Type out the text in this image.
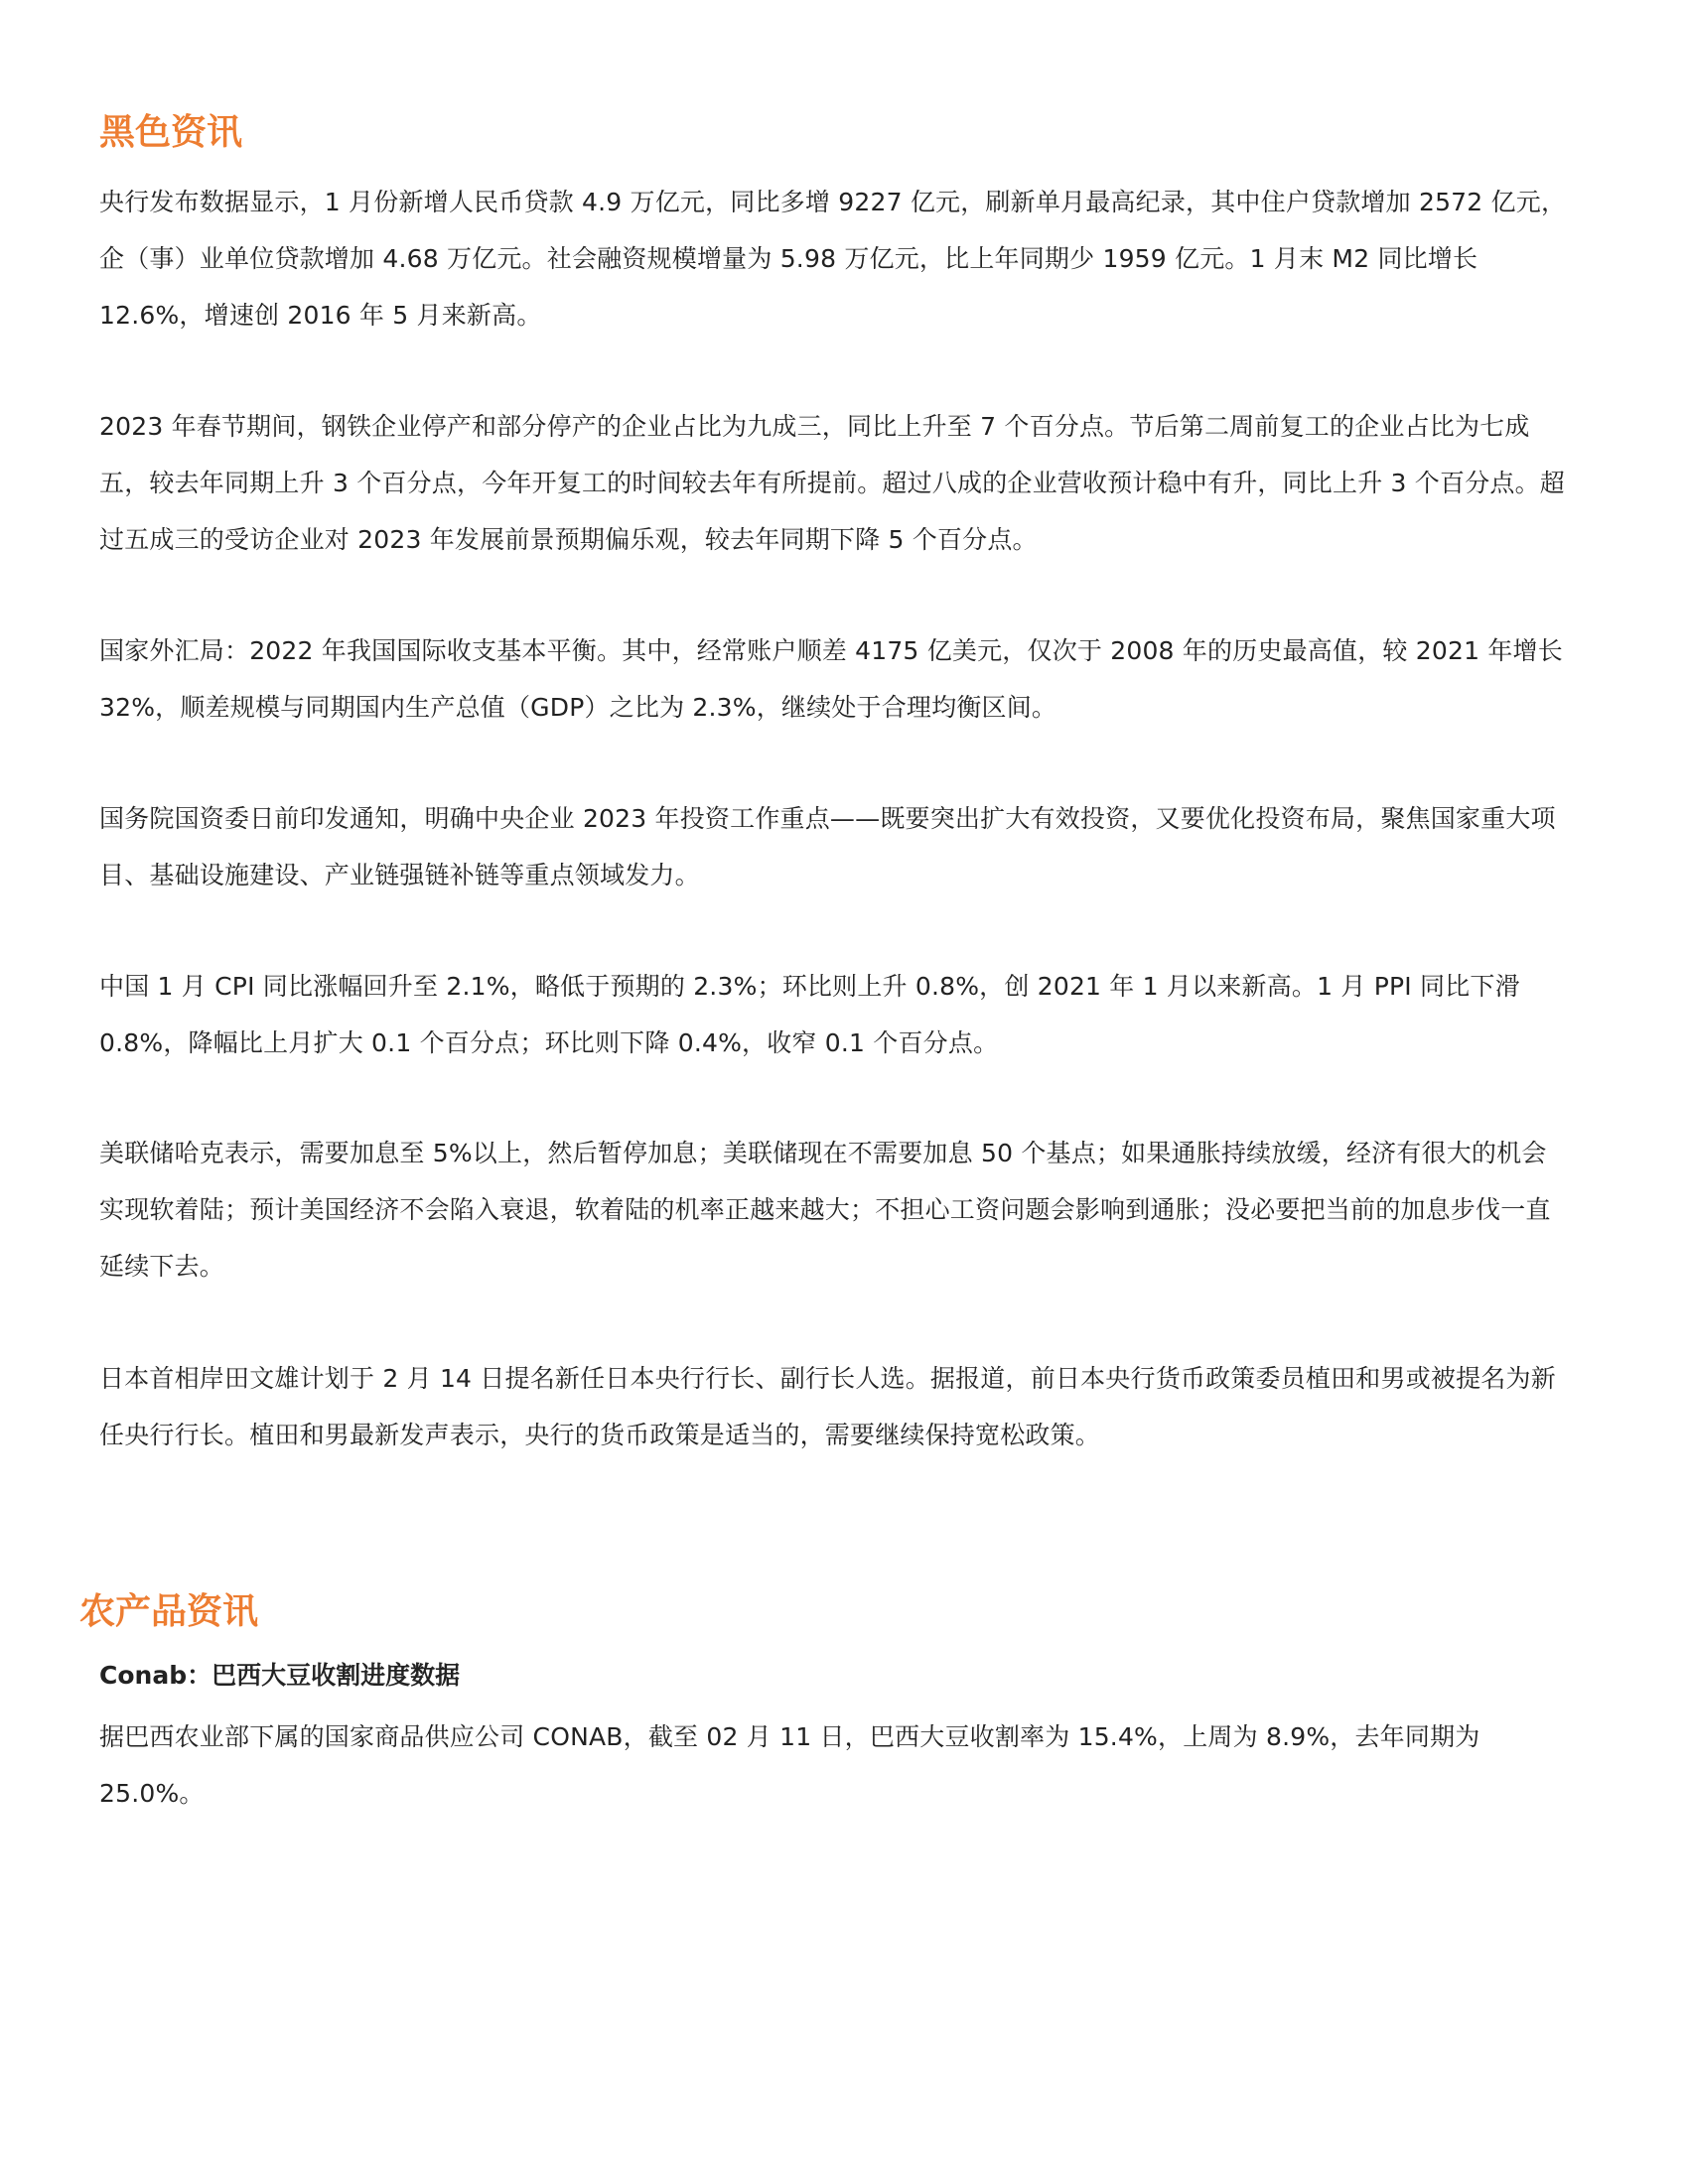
黑色资讯

央行发布数据显示，1 月份新增人民币贷款 4.9 万亿元，同比多增 9227 亿元，刷新单月最高纪录，其中住户贷款增加 2572 亿元，企（事）业单位贷款增加 4.68 万亿元。社会融资规模增量为 5.98 万亿元，比上年同期少 1959 亿元。1 月末 M2 同比增长 12.6%，增速创 2016 年 5 月来新高。

2023 年春节期间，钢铁企业停产和部分停产的企业占比为九成三，同比上升至 7 个百分点。节后第二周前复工的企业占比为七成五，较去年同期上升 3 个百分点，今年开复工的时间较去年有所提前。超过八成的企业营收预计稳中有升，同比上升 3 个百分点。超过五成三的受访企业对 2023 年发展前景预期偏乐观，较去年同期下降 5 个百分点。

国家外汇局：2022 年我国国际收支基本平衡。其中，经常账户顺差 4175 亿美元，仅次于 2008 年的历史最高值，较 2021 年增长 32%，顺差规模与同期国内生产总值（GDP）之比为 2.3%，继续处于合理均衡区间。

国务院国资委日前印发通知，明确中央企业 2023 年投资工作重点——既要突出扩大有效投资，又要优化投资布局，聚焦国家重大项目、基础设施建设、产业链强链补链等重点领域发力。

中国 1 月 CPI 同比涨幅回升至 2.1%，略低于预期的 2.3%；环比则上升 0.8%，创 2021 年 1 月以来新高。1 月 PPI 同比下滑 0.8%，降幅比上月扩大 0.1 个百分点；环比则下降 0.4%，收窄 0.1 个百分点。

美联储哈克表示，需要加息至 5%以上，然后暂停加息；美联储现在不需要加息 50 个基点；如果通胀持续放缓，经济有很大的机会实现软着陆；预计美国经济不会陷入衰退，软着陆的机率正越来越大；不担心工资问题会影响到通胀；没必要把当前的加息步伐一直延续下去。

日本首相岸田文雄计划于 2 月 14 日提名新任日本央行行长、副行长人选。据报道，前日本央行货币政策委员植田和男或被提名为新任央行行长。植田和男最新发声表示，央行的货币政策是适当的，需要继续保持宽松政策。

农产品资讯

Conab：巴西大豆收割进度数据

据巴西农业部下属的国家商品供应公司 CONAB，截至 02 月 11 日，巴西大豆收割率为 15.4%，上周为 8.9%，去年同期为 25.0%。
